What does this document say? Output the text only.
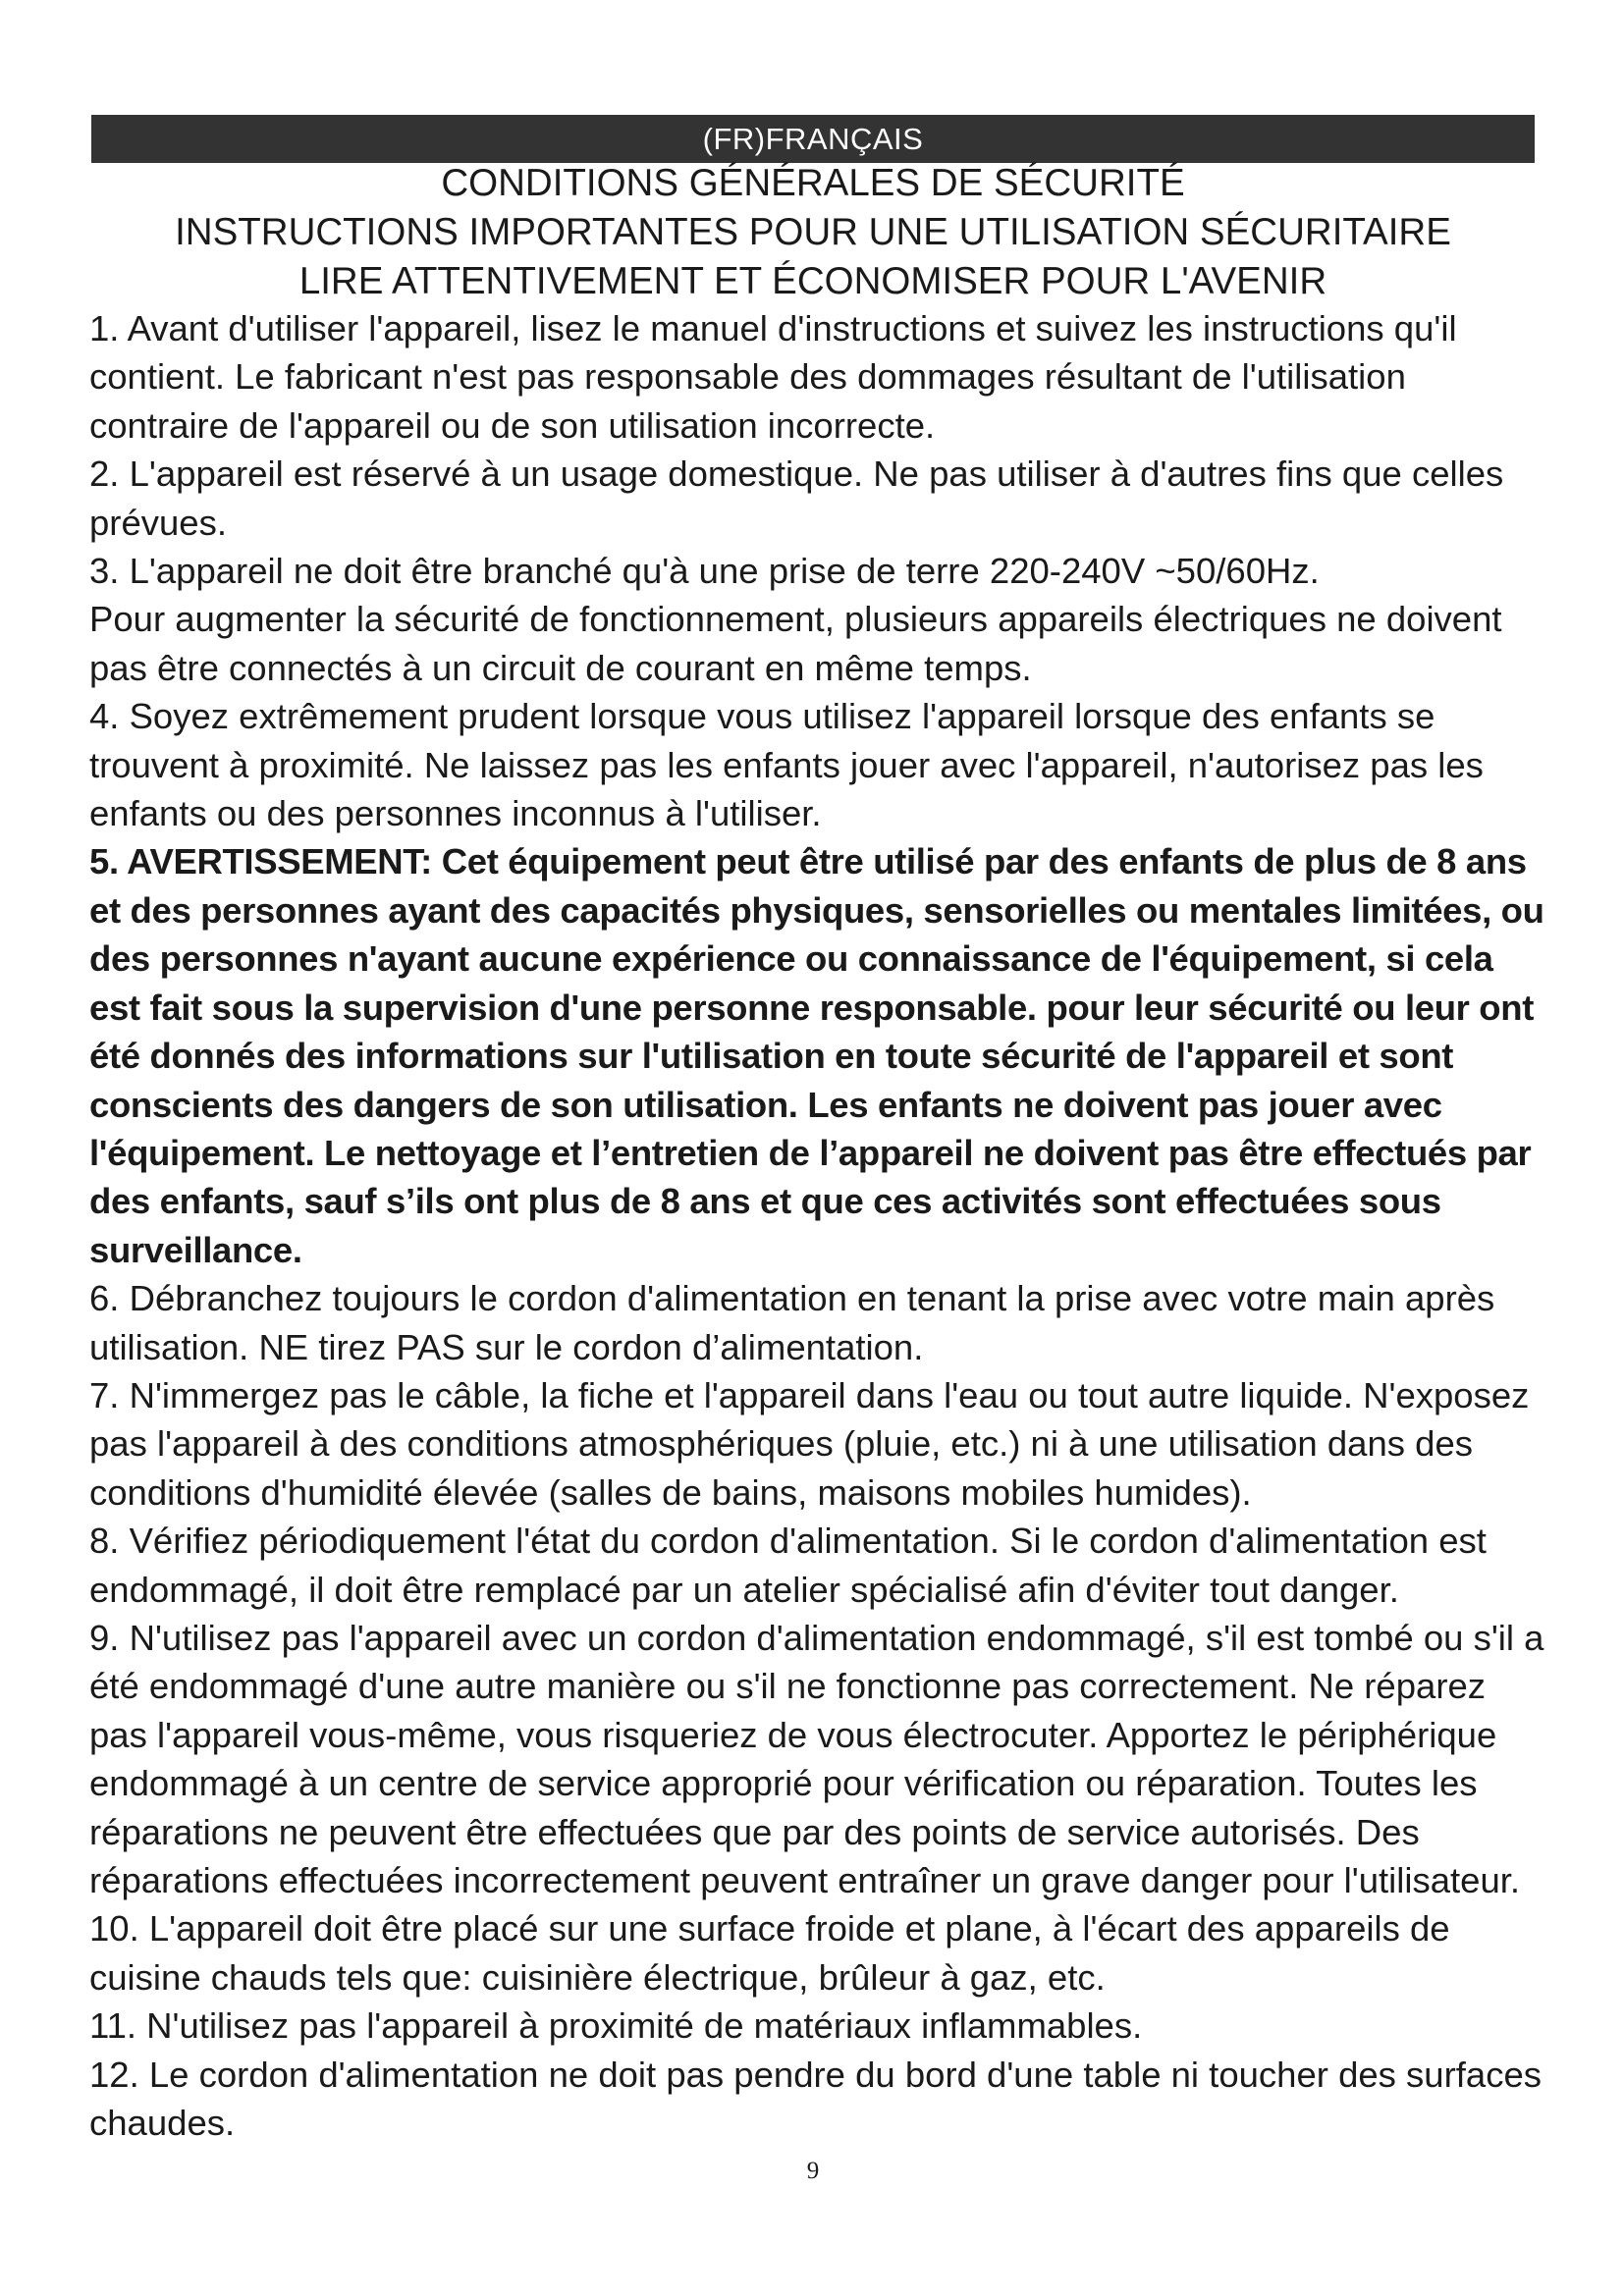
(FR)FRANÇAIS
CONDITIONS GÉNÉRALES DE SÉCURITÉ
INSTRUCTIONS IMPORTANTES POUR UNE UTILISATION SÉCURITAIRE
LIRE ATTENTIVEMENT ET ÉCONOMISER POUR L'AVENIR

1. Avant d'utiliser l'appareil, lisez le manuel d'instructions et suivez les instructions qu'il contient. Le fabricant n'est pas responsable des dommages résultant de l'utilisation contraire de l'appareil ou de son utilisation incorrecte.

2. L'appareil est réservé à un usage domestique. Ne pas utiliser à d'autres fins que celles prévues.

3. L'appareil ne doit être branché qu'à une prise de terre 220-240V ~50/60Hz.

Pour augmenter la sécurité de fonctionnement, plusieurs appareils électriques ne doivent pas être connectés à un circuit de courant en même temps.

4. Soyez extrêmement prudent lorsque vous utilisez l'appareil lorsque des enfants se trouvent à proximité. Ne laissez pas les enfants jouer avec l'appareil, n'autorisez pas les enfants ou des personnes inconnus à l'utiliser.

5. AVERTISSEMENT: Cet équipement peut être utilisé par des enfants de plus de 8 ans et des personnes ayant des capacités physiques, sensorielles ou mentales limitées, ou des personnes n'ayant aucune expérience ou connaissance de l'équipement, si cela est fait sous la supervision d'une personne responsable. pour leur sécurité ou leur ont été donnés des informations sur l'utilisation en toute sécurité de l'appareil et sont conscients des dangers de son utilisation. Les enfants ne doivent pas jouer avec l'équipement. Le nettoyage et l’entretien de l’appareil ne doivent pas être effectués par des enfants, sauf s’ils ont plus de 8 ans et que ces activités sont effectuées sous surveillance.

6. Débranchez toujours le cordon d'alimentation en tenant la prise avec votre main après utilisation. NE tirez PAS sur le cordon d’alimentation.

7. N'immergez pas le câble, la fiche et l'appareil dans l'eau ou tout autre liquide. N'exposez pas l'appareil à des conditions atmosphériques (pluie, etc.) ni à une utilisation dans des conditions d'humidité élevée (salles de bains, maisons mobiles humides).

8. Vérifiez périodiquement l'état du cordon d'alimentation. Si le cordon d'alimentation est endommagé, il doit être remplacé par un atelier spécialisé afin d'éviter tout danger.

9. N'utilisez pas l'appareil avec un cordon d'alimentation endommagé, s'il est tombé ou s'il a été endommagé d'une autre manière ou s'il ne fonctionne pas correctement. Ne réparez pas l'appareil vous-même, vous risqueriez de vous électrocuter. Apportez le périphérique endommagé à un centre de service approprié pour vérification ou réparation. Toutes les réparations ne peuvent être effectuées que par des points de service autorisés. Des réparations effectuées incorrectement peuvent entraîner un grave danger pour l'utilisateur.

10. L'appareil doit être placé sur une surface froide et plane, à l'écart des appareils de cuisine chauds tels que: cuisinière électrique, brûleur à gaz, etc.

11. N'utilisez pas l'appareil à proximité de matériaux inflammables.

12. Le cordon d'alimentation ne doit pas pendre du bord d'une table ni toucher des surfaces chaudes.

9
